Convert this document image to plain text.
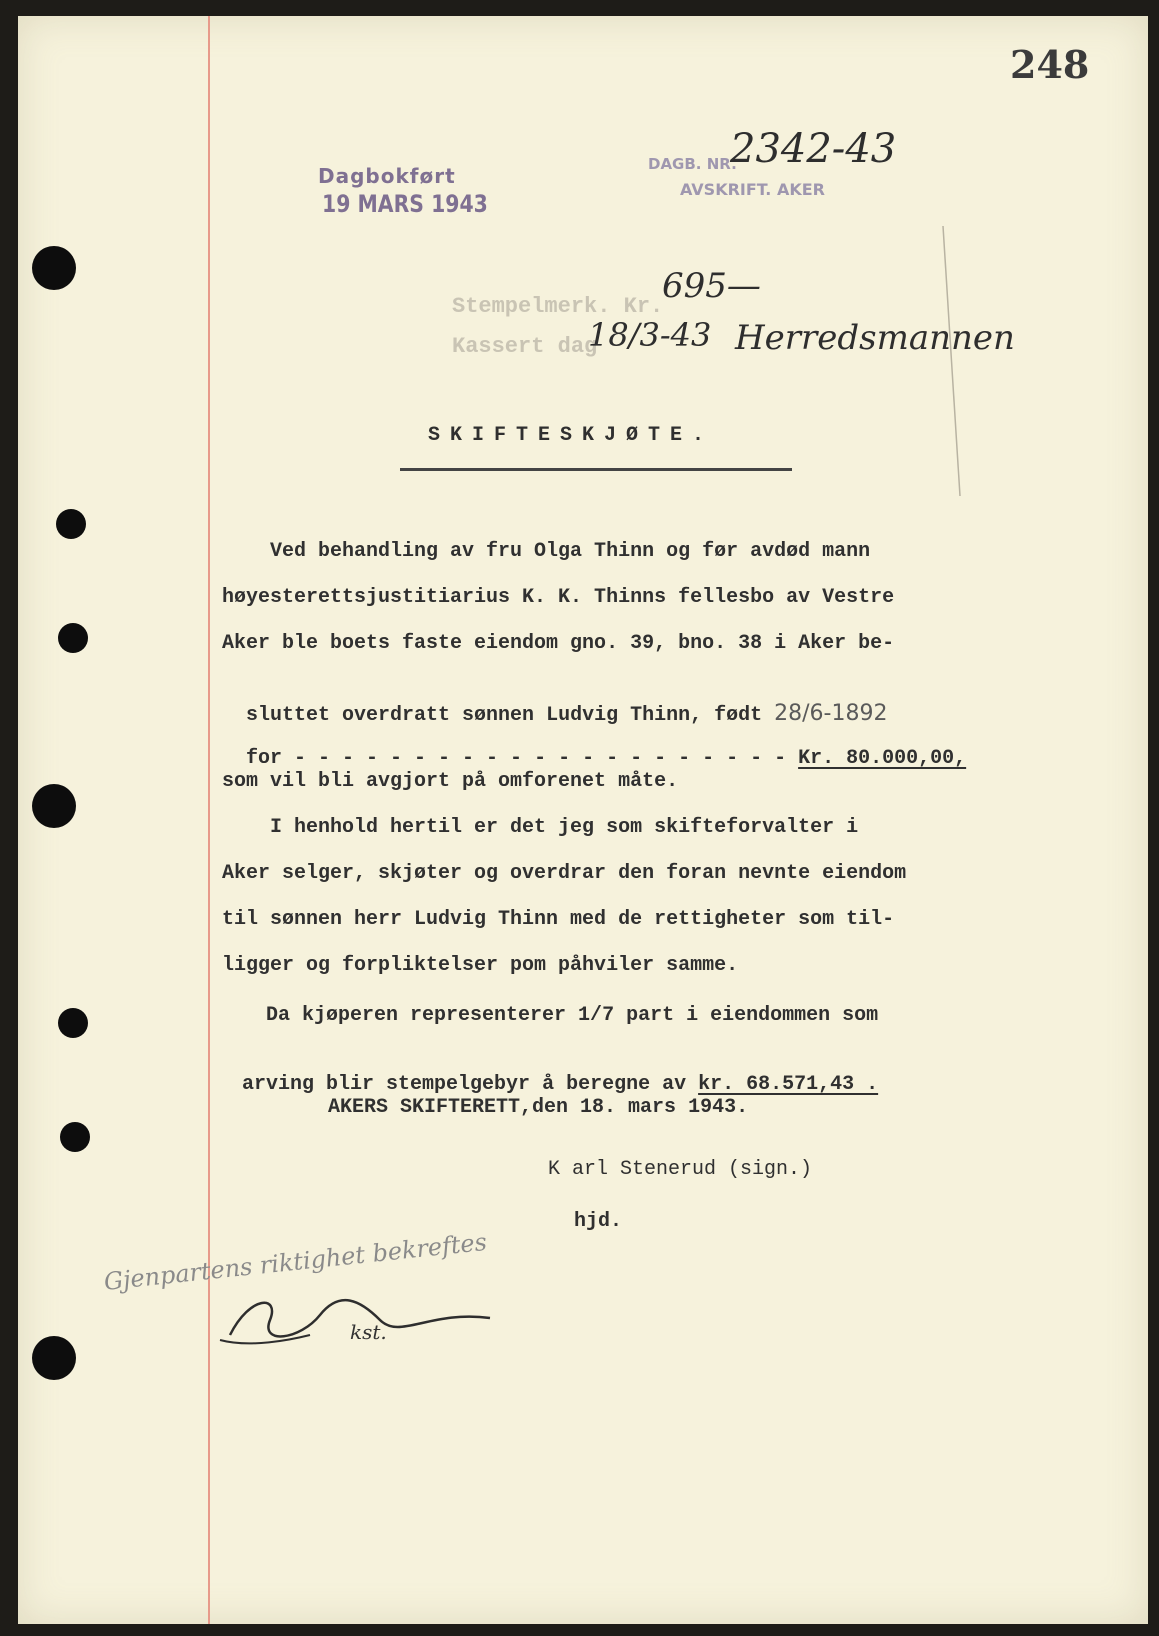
248
Dagbokført
19 MARS 1943
DAGB. NR.
AVSKRIFT. AKER
2342-43
Stempelmerk. Kr.
Kassert dag
695—
18/3-43 Herredsmannen
SKIFTESKJØTE.
Ved behandling av fru Olga Thinn og før avdød mann
høyesterettsjustitiarius K. K. Thinns fellesbo av Vestre
Aker ble boets faste eiendom gno. 39, bno. 38 i Aker be-

sluttet overdratt sønnen Ludvig Thinn, født 28/6-1892

for - - - - - - - - - - - - - - - - - - - - - Kr. 80.000,00,

som vil bli avgjort på omforenet måte.
I henhold hertil er det jeg som skifteforvalter i
Aker selger, skjøter og overdrar den foran nevnte eiendom
til sønnen herr Ludvig Thinn med de rettigheter som til-
ligger og forpliktelser pom påhviler samme.
Da kjøperen representerer 1/7 part i eiendommen som

arving blir stempelgebyr å beregne av kr. 68.571,43 .

AKERS SKIFTERETT,den 18. mars 1943.
K arl Stenerud (sign.)
hjd.
Gjenpartens riktighet bekreftes
kst.
